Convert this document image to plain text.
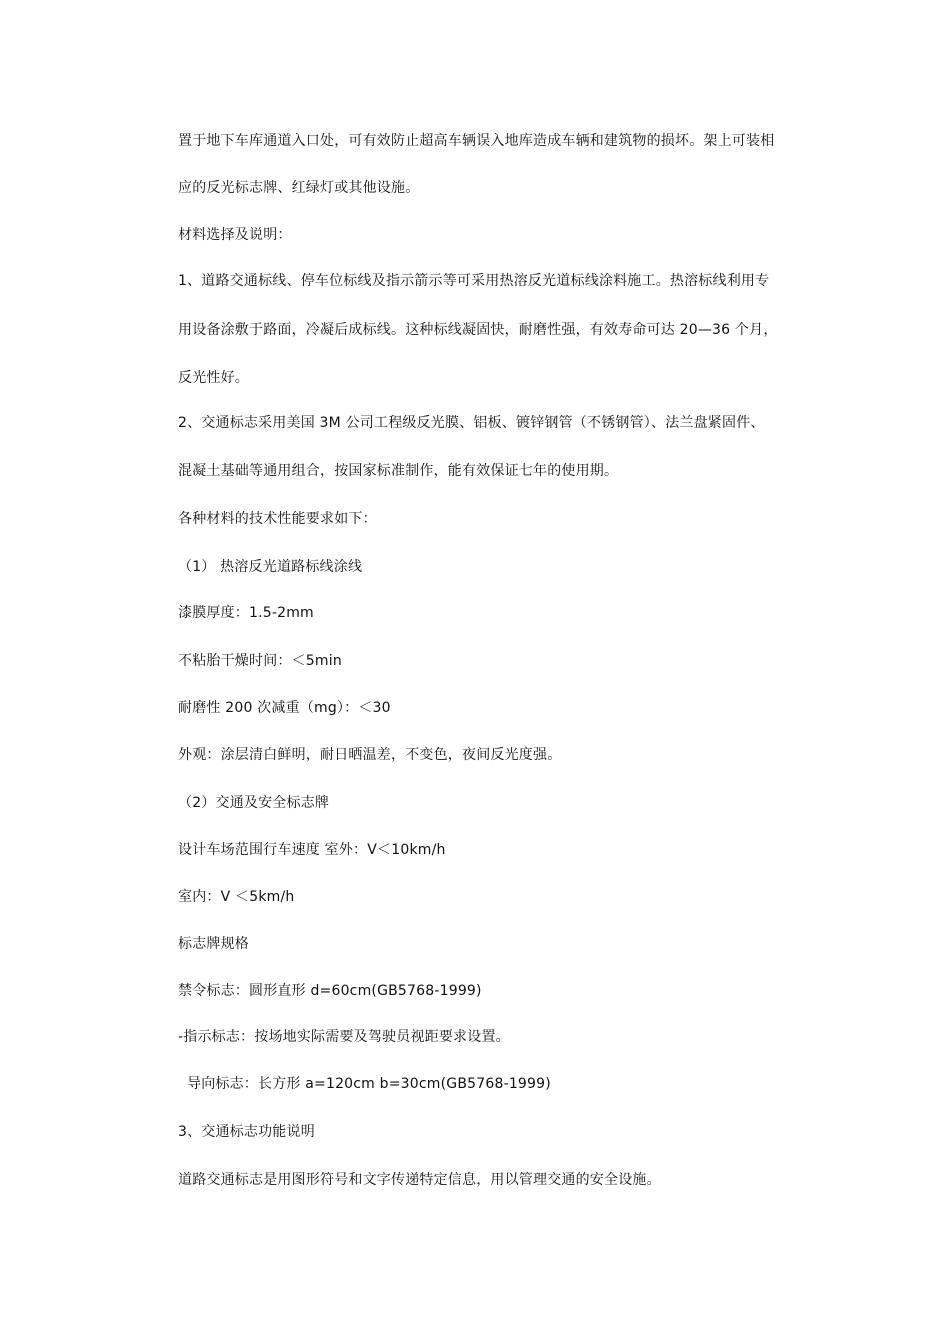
置于地下车库通道入口处，可有效防止超高车辆误入地库造成车辆和建筑物的损坏。架上可装相
应的反光标志牌、红绿灯或其他设施。
材料选择及说明：
1、道路交通标线、停车位标线及指示箭示等可采用热溶反光道标线涂料施工。热溶标线利用专
用设备涂敷于路面，冷凝后成标线。这种标线凝固快，耐磨性强，有效寿命可达 20—36 个月，
反光性好。
2、交通标志采用美国 3M 公司工程级反光膜、铝板、镀锌钢管（不锈钢管）、法兰盘紧固件、
混凝土基础等通用组合，按国家标准制作，能有效保证七年的使用期。
各种材料的技术性能要求如下：
（1） 热溶反光道路标线涂线
漆膜厚度：1.5-2mm
不粘胎干燥时间：＜5min
耐磨性 200 次减重（mg）：＜30
外观：涂层清白鲜明，耐日晒温差，不变色，夜间反光度强。
（2）交通及安全标志牌
设计车场范围行车速度 室外：V＜10km/h
室内：V ＜5km/h
标志牌规格
禁令标志：圆形直形 d=60cm(GB5768-1999)
-指示标志：按场地实际需要及驾驶员视距要求设置。
导向标志：长方形 a=120cm b=30cm(GB5768-1999)
3、交通标志功能说明
道路交通标志是用图形符号和文字传递特定信息，用以管理交通的安全设施。
